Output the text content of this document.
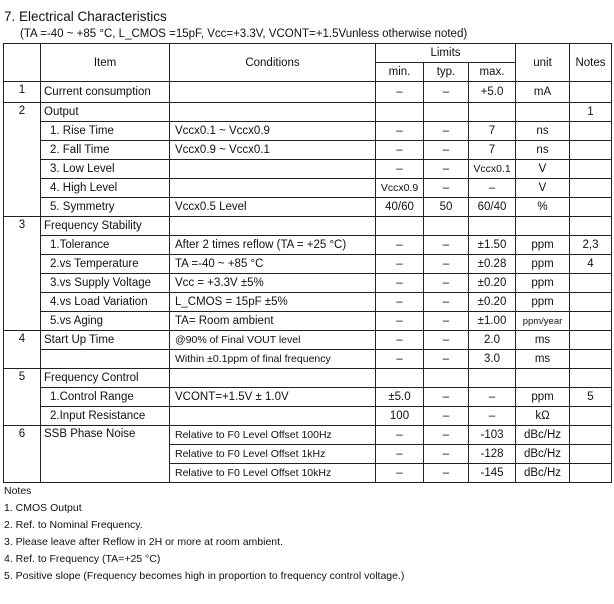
7. Electrical Characteristics
(TA =-40 ~ +85 °C, L_CMOS =15pF, Vcc=+3.3V, VCONT=+1.5Vunless otherwise noted)
	Item	Conditions	Limits			unit	Notes
			min.	typ.	max.		
1	Current consumption		–	–	+5.0	mA	
2	Output						1
	1. Rise Time	Vccx0.1 ~ Vccx0.9	–	–	7	ns	
	2. Fall Time	Vccx0.9 ~ Vccx0.1	–	–	7	ns	
	3. Low Level		–	–	Vccx0.1	V	
	4. High Level		Vccx0.9	–	–	V	
	5. Symmetry	Vccx0.5 Level	40/60	50	60/40	%	
3	Frequency Stability						
	1.Tolerance	After 2 times reflow (TA = +25 °C)	–	–	±1.50	ppm	2,3
	2.vs Temperature	TA =-40 ~ +85 °C	–	–	±0.28	ppm	4
	3.vs Supply Voltage	Vcc = +3.3V ±5%	–	–	±0.20	ppm	
	4.vs Load Variation	L_CMOS = 15pF ±5%	–	–	±0.20	ppm	
	5.vs Aging	TA= Room ambient	–	–	±1.00	ppm/year	
4	Start Up Time	@90% of Final VOUT level	–	–	2.0	ms	
		Within ±0.1ppm of final frequency	–	–	3.0	ms	
5	Frequency Control						
	1.Control Range	VCONT=+1.5V ± 1.0V	±5.0	–	–	ppm	5
	2.Input Resistance		100	–	–	kΩ	
6	SSB Phase Noise	Relative to F0 Level Offset 100Hz	–	–	-103	dBc/Hz	
		Relative to F0 Level Offset 1kHz	–	–	-128	dBc/Hz	
		Relative to F0 Level Offset 10kHz	–	–	-145	dBc/Hz	
Notes
1. CMOS Output
2. Ref. to Nominal Frequency.
3. Please leave after Reflow in 2H or more at room ambient.
4. Ref. to Frequency (TA=+25 °C)
5. Positive slope (Frequency becomes high in proportion to frequency control voltage.)
